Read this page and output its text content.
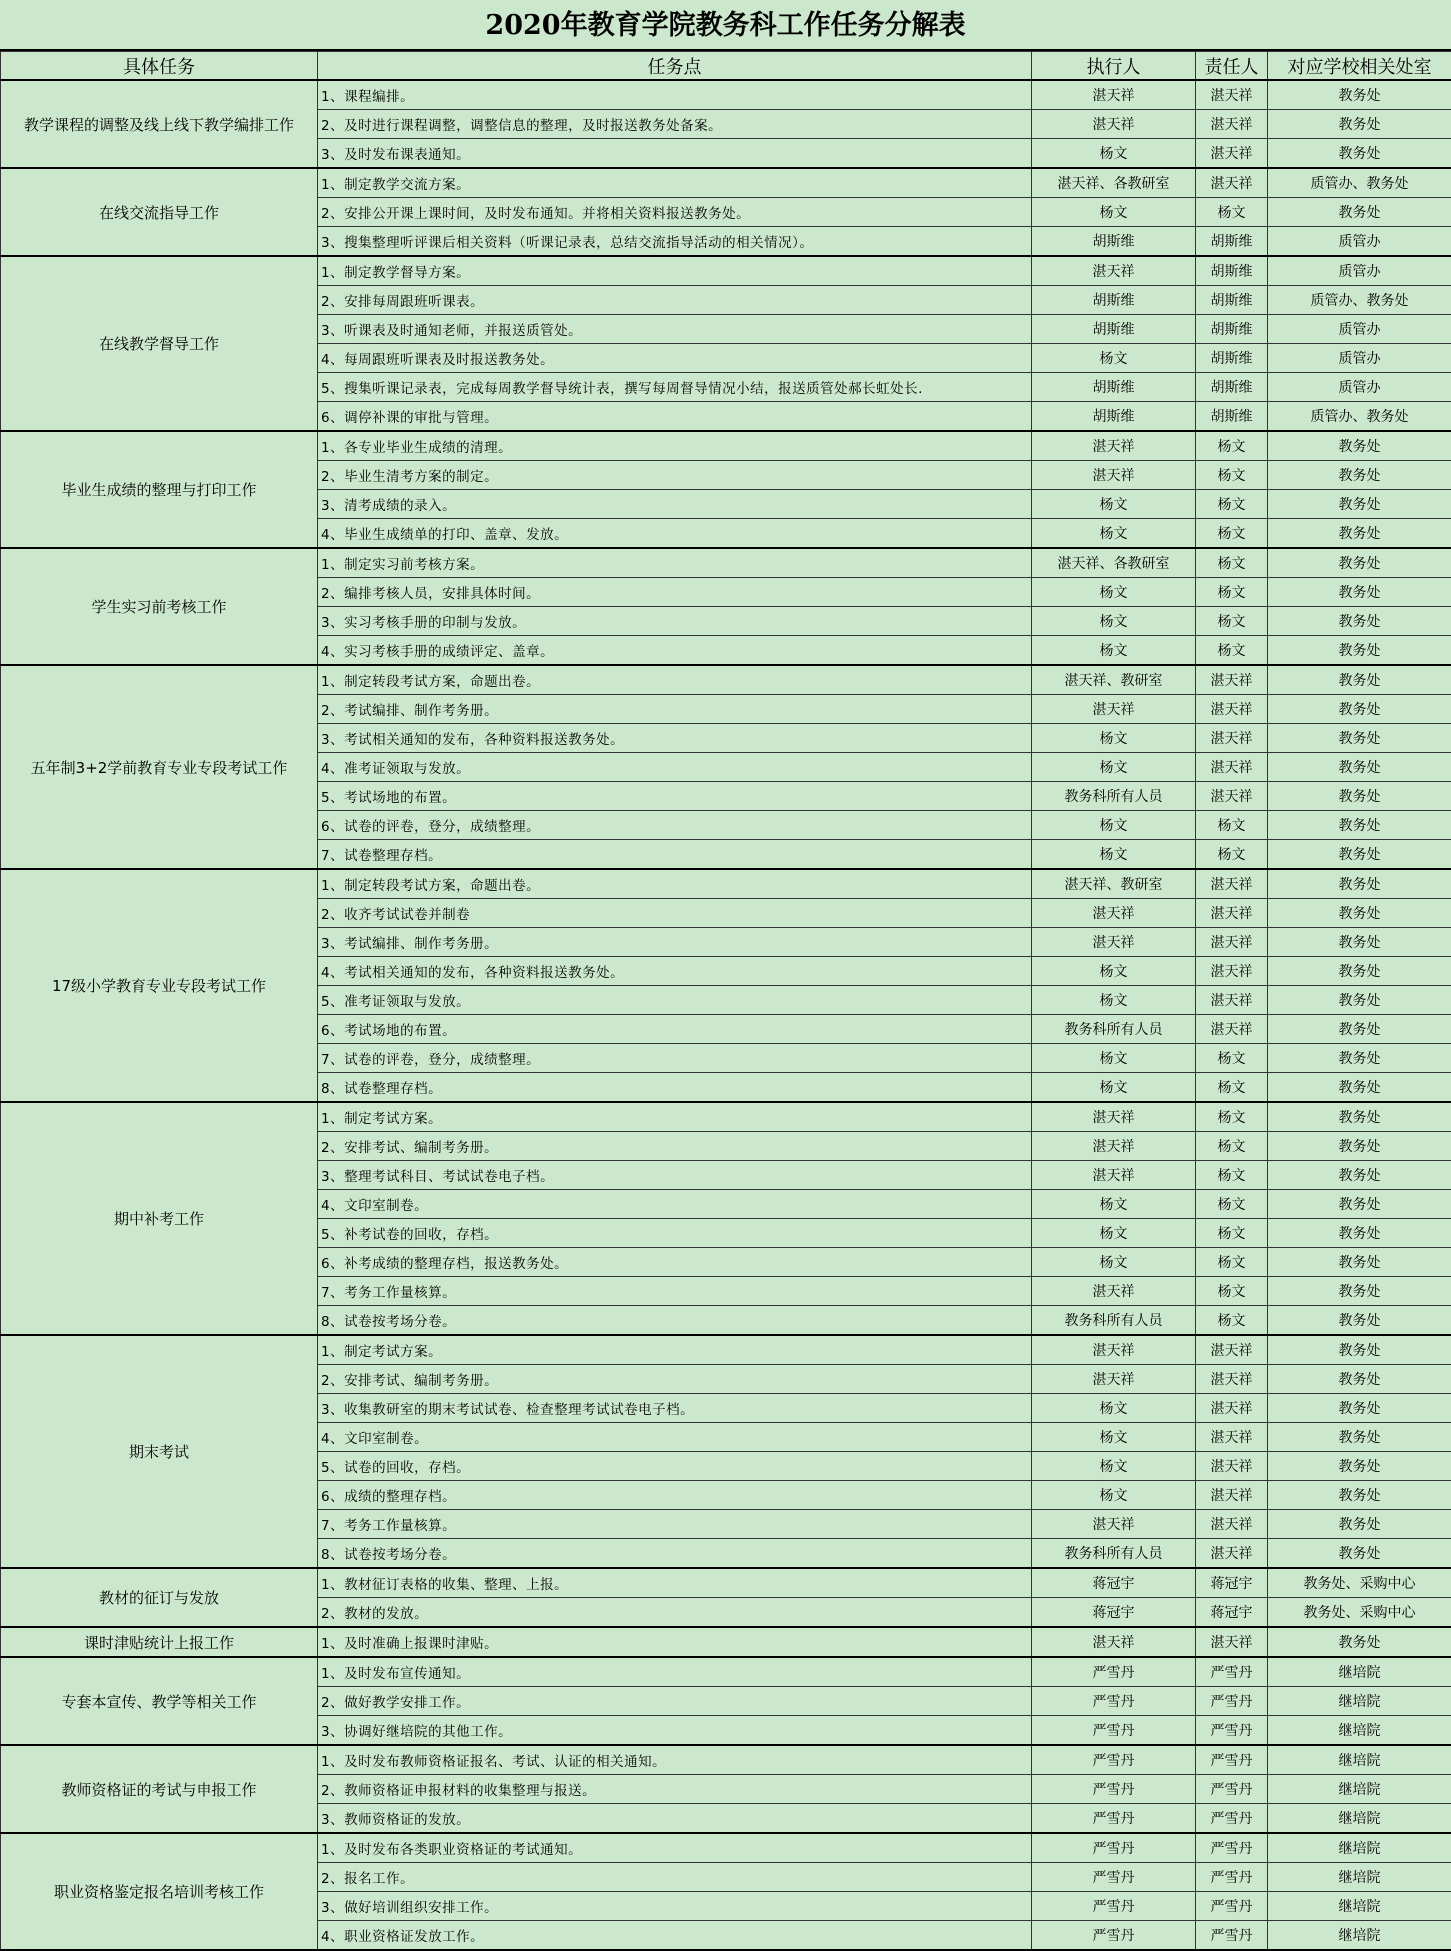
2020年教育学院教务科工作任务分解表
具体任务	任务点	执行人	责任人	对应学校相关处室
教学课程的调整及线上线下教学编排工作	1、课程编排。	湛天祥	湛天祥	教务处
	2、及时进行课程调整，调整信息的整理，及时报送教务处备案。	湛天祥	湛天祥	教务处
	3、及时发布课表通知。	杨文	湛天祥	教务处
在线交流指导工作	1、制定教学交流方案。	湛天祥、各教研室	湛天祥	质管办、教务处
	2、安排公开课上课时间，及时发布通知。并将相关资料报送教务处。	杨文	杨文	教务处
	3、搜集整理听评课后相关资料（听课记录表，总结交流指导活动的相关情况）。	胡斯维	胡斯维	质管办
在线教学督导工作	1、制定教学督导方案。	湛天祥	胡斯维	质管办
	2、安排每周跟班听课表。	胡斯维	胡斯维	质管办、教务处
	3、听课表及时通知老师，并报送质管处。	胡斯维	胡斯维	质管办
	4、每周跟班听课表及时报送教务处。	杨文	胡斯维	质管办
	5、搜集听课记录表，完成每周教学督导统计表，撰写每周督导情况小结，报送质管处郝长虹处长.	胡斯维	胡斯维	质管办
	6、调停补课的审批与管理。	胡斯维	胡斯维	质管办、教务处
毕业生成绩的整理与打印工作	1、各专业毕业生成绩的清理。	湛天祥	杨文	教务处
	2、毕业生清考方案的制定。	湛天祥	杨文	教务处
	3、清考成绩的录入。	杨文	杨文	教务处
	4、毕业生成绩单的打印、盖章、发放。	杨文	杨文	教务处
学生实习前考核工作	1、制定实习前考核方案。	湛天祥、各教研室	杨文	教务处
	2、编排考核人员，安排具体时间。	杨文	杨文	教务处
	3、实习考核手册的印制与发放。	杨文	杨文	教务处
	4、实习考核手册的成绩评定、盖章。	杨文	杨文	教务处
五年制3+2学前教育专业专段考试工作	1、制定转段考试方案，命题出卷。	湛天祥、教研室	湛天祥	教务处
	2、考试编排、制作考务册。	湛天祥	湛天祥	教务处
	3、考试相关通知的发布，各种资料报送教务处。	杨文	湛天祥	教务处
	4、准考证领取与发放。	杨文	湛天祥	教务处
	5、考试场地的布置。	教务科所有人员	湛天祥	教务处
	6、试卷的评卷，登分，成绩整理。	杨文	杨文	教务处
	7、试卷整理存档。	杨文	杨文	教务处
17级小学教育专业专段考试工作	1、制定转段考试方案，命题出卷。	湛天祥、教研室	湛天祥	教务处
	2、收齐考试试卷并制卷	湛天祥	湛天祥	教务处
	3、考试编排、制作考务册。	湛天祥	湛天祥	教务处
	4、考试相关通知的发布，各种资料报送教务处。	杨文	湛天祥	教务处
	5、准考证领取与发放。	杨文	湛天祥	教务处
	6、考试场地的布置。	教务科所有人员	湛天祥	教务处
	7、试卷的评卷，登分，成绩整理。	杨文	杨文	教务处
	8、试卷整理存档。	杨文	杨文	教务处
期中补考工作	1、制定考试方案。	湛天祥	杨文	教务处
	2、安排考试、编制考务册。	湛天祥	杨文	教务处
	3、整理考试科目、考试试卷电子档。	湛天祥	杨文	教务处
	4、文印室制卷。	杨文	杨文	教务处
	5、补考试卷的回收，存档。	杨文	杨文	教务处
	6、补考成绩的整理存档，报送教务处。	杨文	杨文	教务处
	7、考务工作量核算。	湛天祥	杨文	教务处
	8、试卷按考场分卷。	教务科所有人员	杨文	教务处
期末考试	1、制定考试方案。	湛天祥	湛天祥	教务处
	2、安排考试、编制考务册。	湛天祥	湛天祥	教务处
	3、收集教研室的期末考试试卷、检查整理考试试卷电子档。	杨文	湛天祥	教务处
	4、文印室制卷。	杨文	湛天祥	教务处
	5、试卷的回收，存档。	杨文	湛天祥	教务处
	6、成绩的整理存档。	杨文	湛天祥	教务处
	7、考务工作量核算。	湛天祥	湛天祥	教务处
	8、试卷按考场分卷。	教务科所有人员	湛天祥	教务处
教材的征订与发放	1、教材征订表格的收集、整理、上报。	蒋冠宇	蒋冠宇	教务处、采购中心
	2、教材的发放。	蒋冠宇	蒋冠宇	教务处、采购中心
课时津贴统计上报工作	1、及时准确上报课时津贴。	湛天祥	湛天祥	教务处
专套本宣传、教学等相关工作	1、及时发布宣传通知。	严雪丹	严雪丹	继培院
	2、做好教学安排工作。	严雪丹	严雪丹	继培院
	3、协调好继培院的其他工作。	严雪丹	严雪丹	继培院
教师资格证的考试与申报工作	1、及时发布教师资格证报名、考试、认证的相关通知。	严雪丹	严雪丹	继培院
	2、教师资格证申报材料的收集整理与报送。	严雪丹	严雪丹	继培院
	3、教师资格证的发放。	严雪丹	严雪丹	继培院
职业资格鉴定报名培训考核工作	1、及时发布各类职业资格证的考试通知。	严雪丹	严雪丹	继培院
	2、报名工作。	严雪丹	严雪丹	继培院
	3、做好培训组织安排工作。	严雪丹	严雪丹	继培院
	4、职业资格证发放工作。	严雪丹	严雪丹	继培院
